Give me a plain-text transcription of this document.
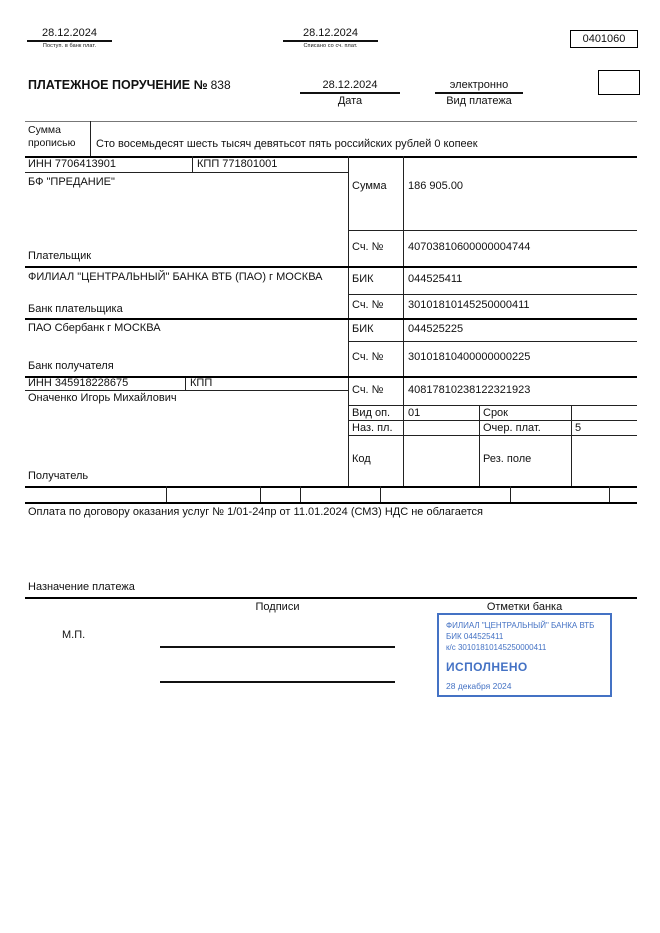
28.12.2024
Поступ. в банк плат.
28.12.2024
Списано со сч. плат.
0401060
ПЛАТЕЖНОЕ ПОРУЧЕНИЕ № 838	28.12.2024
Дата
электронно
Вид платежа
Сумма прописью	Сто восемьдесят шесть тысяч девятьсот пять российских рублей 0 копеек
ИНН 7706413901	КПП 771801001
БФ "ПРЕДАНИЕ"
Плательщик
Сумма 186 905.00
Сч. № 40703810600000004744
ФИЛИАЛ "ЦЕНТРАЛЬНЫЙ" БАНКА ВТБ (ПАО) г МОСКВА
Банк плательщика
БИК	044525411
Сч. № 30101810145250000411
ПАО Сбербанк г МОСКВА
Банк получателя
БИК	044525225
Сч. № 30101810400000000225
ИНН 345918228675	КПП
Оначенко Игорь Михайлович
Получатель
Сч. № 40817810238122321923
Вид оп. 01	Срок
Наз. пл.	Очер. плат.	5
Код	Рез. поле
Оплата по договору оказания услуг № 1/01-24пр от 11.01.2024 (СМЗ) НДС не облагается
Назначение платежа
Подписи	Отметки банка
М.П.
ФИЛИАЛ "ЦЕНТРАЛЬНЫЙ" БАНКА ВТБ
БИК 044525411
к/с 30101810145250000411
ИСПОЛНЕНО
28 декабря 2024
